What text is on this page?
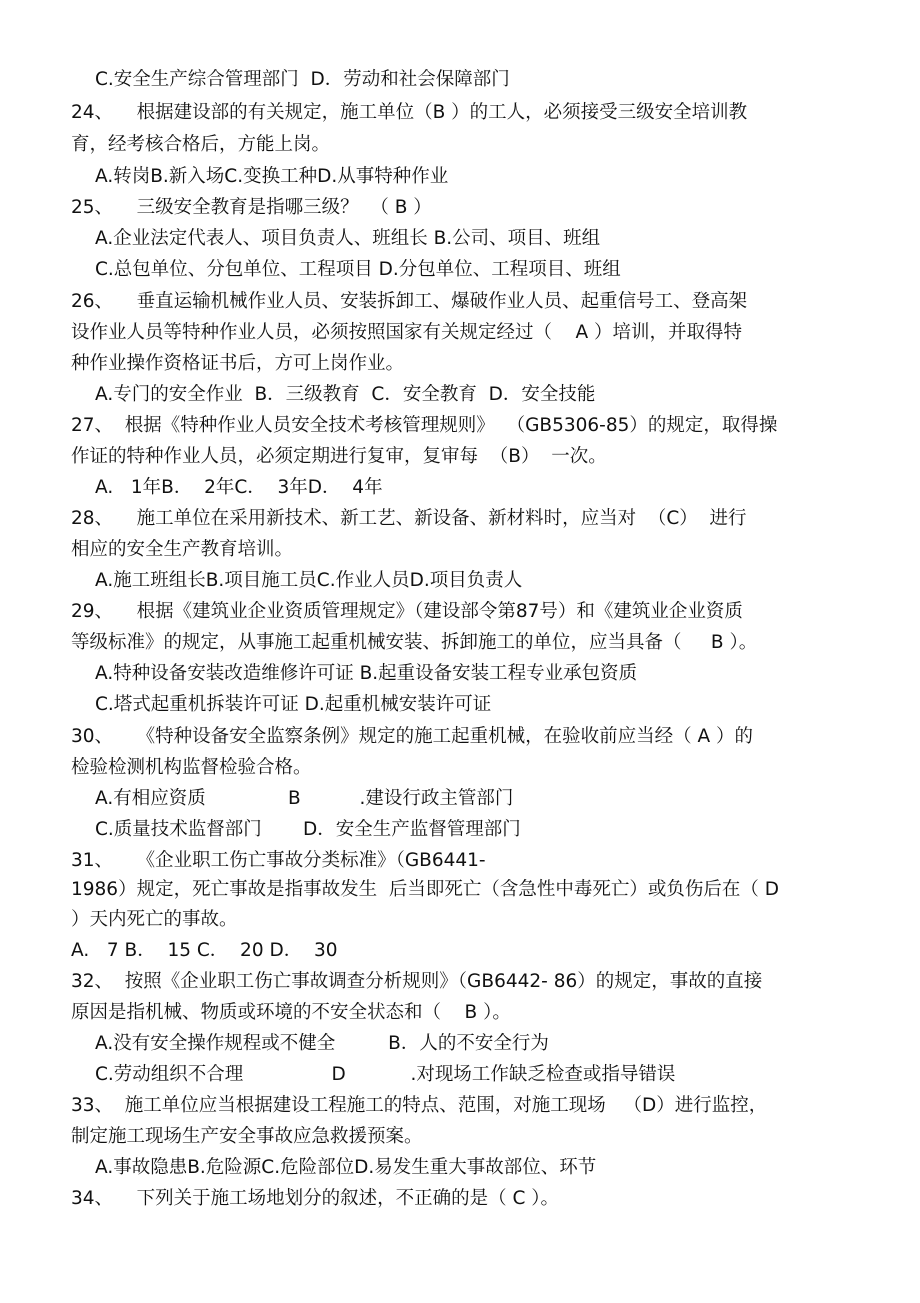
C.安全生产综合管理部门  D．劳动和社会保障部门
24、    根据建设部的有关规定，施工单位（B ）的工人，必须接受三级安全培训教
育，经考核合格后，方能上岗。
A.转岗B.新入场C.变换工种D.从事特种作业
25、    三级安全教育是指哪三级？  （ B ）
A.企业法定代表人、项目负责人、班组长 B.公司、项目、班组
C.总包单位、分包单位、工程项目 D.分包单位、工程项目、班组
26、    垂直运输机械作业人员、安装拆卸工、爆破作业人员、起重信号工、登高架
设作业人员等特种作业人员，必须按照国家有关规定经过（    A ）培训，并取得特
种作业操作资格证书后，方可上岗作业。
A.专门的安全作业  B．三级教育  C．安全教育  D．安全技能
27、  根据《特种作业人员安全技术考核管理规则》  （GB5306-85）的规定，取得操
作证的特种作业人员，必须定期进行复审，复审每  （B）  一次。
A.   1年B．  2年C．  3年D．  4年
28、    施工单位在采用新技术、新工艺、新设备、新材料时，应当对  （C）  进行
相应的安全生产教育培训。
A.施工班组长B.项目施工员C.作业人员D.项目负责人
29、    根据《建筑业企业资质管理规定》（建设部令第87号）和《建筑业企业资质
等级标准》的规定，从事施工起重机械安装、拆卸施工的单位，应当具备（     B ）。
A.特种设备安装改造维修许可证 B.起重设备安装工程专业承包资质
C.塔式起重机拆装许可证 D.起重机械安装许可证
30、    《特种设备安全监察条例》规定的施工起重机械，在验收前应当经（ A ）的
检验检测机构监督检验合格。
A.有相应资质              B          .建设行政主管部门
C.质量技术监督部门       D．安全生产监督管理部门
31、    《企业职工伤亡事故分类标准》（GB6441-
1986）规定，死亡事故是指事故发生  后当即死亡（含急性中毒死亡）或负伤后在（ D
）天内死亡的事故。
A.   7 B．  15 C．  20 D．  30
32、  按照《企业职工伤亡事故调查分析规则》（GB6442- 86）的规定，事故的直接
原因是指机械、物质或环境的不安全状态和（    B ）。
A.没有安全操作规程或不健全         B．人的不安全行为
C.劳动组织不合理               D           .对现场工作缺乏检查或指导错误
33、  施工单位应当根据建设工程施工的特点、范围，对施工现场   （D）进行监控，
制定施工现场生产安全事故应急救援预案。
A.事故隐患B.危险源C.危险部位D.易发生重大事故部位、环节
34、    下列关于施工场地划分的叙述，不正确的是（ C ）。
